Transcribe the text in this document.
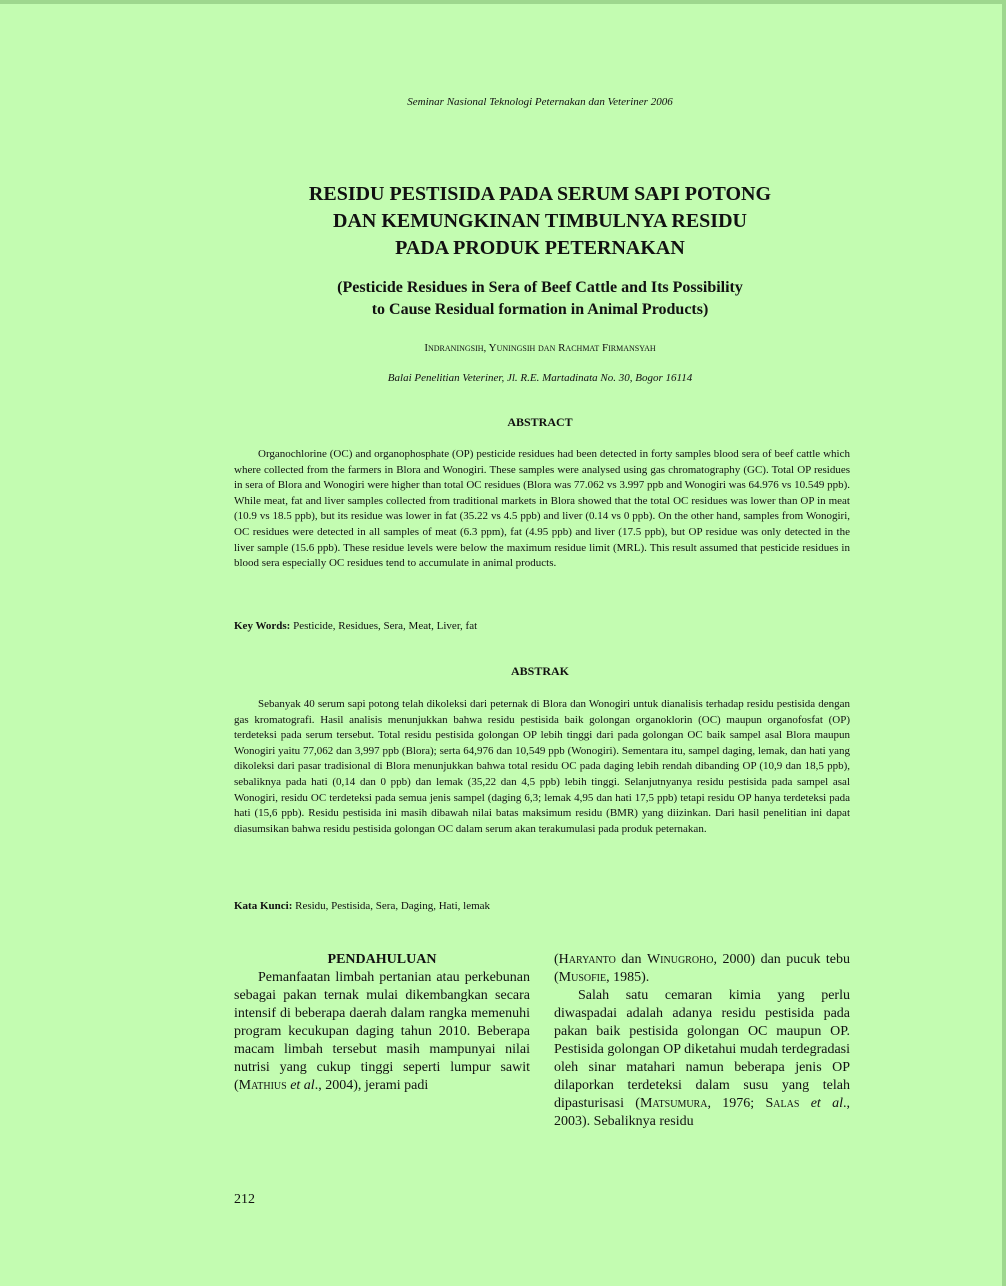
Seminar Nasional Teknologi Peternakan dan Veteriner 2006
RESIDU PESTISIDA PADA SERUM SAPI POTONG
DAN KEMUNGKINAN TIMBULNYA RESIDU
PADA PRODUK PETERNAKAN
(Pesticide Residues in Sera of Beef Cattle and Its Possibility
to Cause Residual formation in Animal Products)
Indraningsih, Yuningsih dan Rachmat Firmansyah
Balai Penelitian Veteriner, Jl. R.E. Martadinata No. 30, Bogor 16114
ABSTRACT

Organochlorine (OC) and organophosphate (OP) pesticide residues had been detected in forty samples blood sera of beef cattle which where collected from the farmers in Blora and Wonogiri. These samples were analysed using gas chromatography (GC). Total OP residues in sera of Blora and Wonogiri were higher than total OC residues (Blora was 77.062 vs 3.997 ppb and Wonogiri was 64.976 vs 10.549 ppb). While meat, fat and liver samples collected from traditional markets in Blora showed that the total OC residues was lower than OP in meat (10.9 vs 18.5 ppb), but its residue was lower in fat (35.22 vs 4.5 ppb) and liver (0.14 vs 0 ppb). On the other hand, samples from Wonogiri, OC residues were detected in all samples of meat (6.3 ppm), fat (4.95 ppb) and liver (17.5 ppb), but OP residue was only detected in the liver sample (15.6 ppb). These residue levels were below the maximum residue limit (MRL). This result assumed that pesticide residues in blood sera especially OC residues tend to accumulate in animal products.

Key Words: Pesticide, Residues, Sera, Meat, Liver, fat

ABSTRAK

Sebanyak 40 serum sapi potong telah dikoleksi dari peternak di Blora dan Wonogiri untuk dianalisis terhadap residu pestisida dengan gas kromatografi. Hasil analisis menunjukkan bahwa residu pestisida baik golongan organoklorin (OC) maupun organofosfat (OP) terdeteksi pada serum tersebut. Total residu pestisida golongan OP lebih tinggi dari pada golongan OC baik sampel asal Blora maupun Wonogiri yaitu 77,062 dan 3,997 ppb (Blora); serta 64,976 dan 10,549 ppb (Wonogiri). Sementara itu, sampel daging, lemak, dan hati yang dikoleksi dari pasar tradisional di Blora menunjukkan bahwa total residu OC pada daging lebih rendah dibanding OP (10,9 dan 18,5 ppb), sebaliknya pada hati (0,14 dan 0 ppb) dan lemak (35,22 dan 4,5 ppb) lebih tinggi. Selanjutnyanya residu pestisida pada sampel asal Wonogiri, residu OC terdeteksi pada semua jenis sampel (daging 6,3; lemak 4,95 dan hati 17,5 ppb) tetapi residu OP hanya terdeteksi pada hati (15,6 ppb). Residu pestisida ini masih dibawah nilai batas maksimum residu (BMR) yang diizinkan. Dari hasil penelitian ini dapat diasumsikan bahwa residu pestisida golongan OC dalam serum akan terakumulasi pada produk peternakan.

Kata Kunci: Residu, Pestisida, Sera, Daging, Hati, lemak

PENDAHULUAN

Pemanfaatan limbah pertanian atau perkebunan sebagai pakan ternak mulai dikembangkan secara intensif di beberapa daerah dalam rangka memenuhi program kecukupan daging tahun 2010. Beberapa macam limbah tersebut masih mampunyai nilai nutrisi yang cukup tinggi seperti lumpur sawit (Mathius et al., 2004), jerami padi

(Haryanto dan Winugroho, 2000) dan pucuk tebu (Musofie, 1985).

Salah satu cemaran kimia yang perlu diwaspadai adalah adanya residu pestisida pada pakan baik pestisida golongan OC maupun OP. Pestisida golongan OP diketahui mudah terdegradasi oleh sinar matahari namun beberapa jenis OP dilaporkan terdeteksi dalam susu yang telah dipasturisasi (Matsumura, 1976; Salas et al., 2003). Sebaliknya residu

212
